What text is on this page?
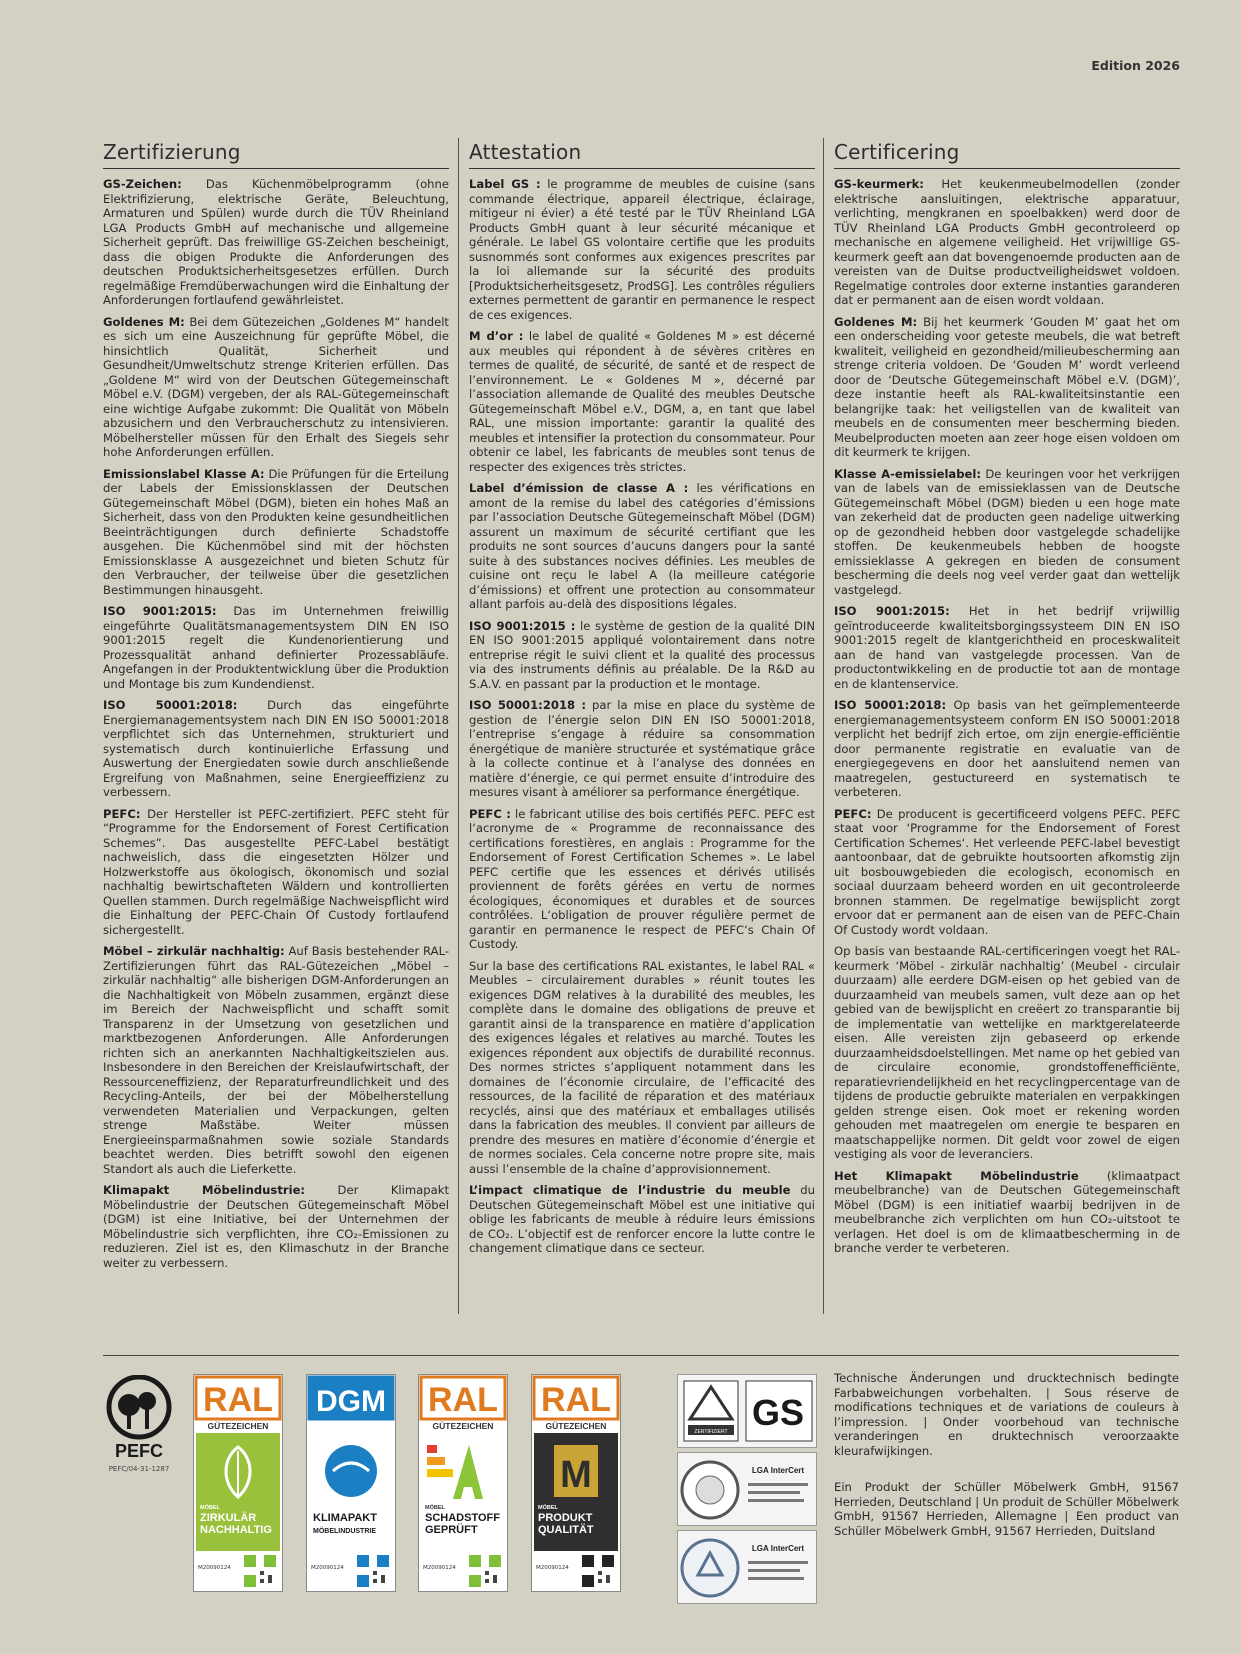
Edition 2026
Zertifizierung

GS-Zeichen: Das Küchenmöbelprogramm (ohne Elektrifizierung, elektrische Geräte, Beleuchtung, Armaturen und Spülen) wurde durch die TÜV Rheinland LGA Products GmbH auf mechanische und allgemeine Sicherheit geprüft. Das freiwillige GS-Zeichen bescheinigt, dass die obigen Produkte die Anforderungen des deutschen Produktsicherheitsgesetzes erfüllen. Durch regelmäßige Fremdüberwachungen wird die Einhaltung der Anforderungen fortlaufend gewährleistet.

Goldenes M: Bei dem Gütezeichen „Goldenes M“ handelt es sich um eine Auszeichnung für geprüfte Möbel, die hinsichtlich Qualität, Sicherheit und Gesundheit/Umweltschutz strenge Kriterien erfüllen. Das „Goldene M“ wird von der Deutschen Gütegemeinschaft Möbel e.V. (DGM) vergeben, der als RAL-Gütegemeinschaft eine wichtige Aufgabe zukommt: Die Qualität von Möbeln abzusichern und den Verbraucherschutz zu intensivieren. Möbelhersteller müssen für den Erhalt des Siegels sehr hohe Anforderungen erfüllen.

Emissionslabel Klasse A: Die Prüfungen für die Erteilung der Labels der Emissionsklassen der Deutschen Gütegemeinschaft Möbel (DGM), bieten ein hohes Maß an Sicherheit, dass von den Produkten keine gesundheitlichen Beeinträchtigungen durch definierte Schadstoffe ausgehen. Die Küchenmöbel sind mit der höchsten Emissionsklasse A ausgezeichnet und bieten Schutz für den Verbraucher, der teilweise über die gesetzlichen Bestimmungen hinausgeht.

ISO 9001:2015: Das im Unternehmen freiwillig eingeführte Qualitätsmanagementsystem DIN EN ISO 9001:2015 regelt die Kundenorientierung und Prozessqualität anhand definierter Prozessabläufe. Angefangen in der Produktentwicklung über die Produktion und Montage bis zum Kundendienst.

ISO 50001:2018: Durch das eingeführte Energiemanagementsystem nach DIN EN ISO 50001:2018 verpflichtet sich das Unternehmen, strukturiert und systematisch durch kontinuierliche Erfassung und Auswertung der Energiedaten sowie durch anschließende Ergreifung von Maßnahmen, seine Energieeffizienz zu verbessern.

PEFC: Der Hersteller ist PEFC-zertifiziert. PEFC steht für “Programme for the Endorsement of Forest Certification Schemes”. Das ausgestellte PEFC-Label bestätigt nachweislich, dass die eingesetzten Hölzer und Holzwerkstoffe aus ökologisch, ökonomisch und sozial nachhaltig bewirtschafteten Wäldern und kontrollierten Quellen stammen. Durch regelmäßige Nachweispflicht wird die Einhaltung der PEFC-Chain Of Custody fortlaufend sichergestellt.

Möbel – zirkulär nachhaltig: Auf Basis bestehender RAL-Zertifizierungen führt das RAL-Gütezeichen „Möbel – zirkulär nachhaltig“ alle bisherigen DGM-Anforderungen an die Nachhaltigkeit von Möbeln zusammen, ergänzt diese im Bereich der Nachweispflicht und schafft somit Transparenz in der Umsetzung von gesetzlichen und marktbezogenen Anforderungen. Alle Anforderungen richten sich an anerkannten Nachhaltigkeitszielen aus. Insbesondere in den Bereichen der Kreislaufwirtschaft, der Ressourceneffizienz, der Reparaturfreundlichkeit und des Recycling-Anteils, der bei der Möbelherstellung verwendeten Materialien und Verpackungen, gelten strenge Maßstäbe. Weiter müssen Energieeinsparmaßnahmen sowie soziale Standards beachtet werden. Dies betrifft sowohl den eigenen Standort als auch die Lieferkette.

Klimapakt Möbelindustrie: Der Klimapakt Möbelindustrie der Deutschen Gütegemeinschaft Möbel (DGM) ist eine Initiative, bei der Unternehmen der Möbelindustrie sich verpflichten, ihre CO₂-Emissionen zu reduzieren. Ziel ist es, den Klimaschutz in der Branche weiter zu verbessern.

Attestation

Label GS : le programme de meubles de cuisine (sans commande électrique, appareil électrique, éclairage, mitigeur ni évier) a été testé par le TÜV Rheinland LGA Products GmbH quant à leur sécurité mécanique et générale. Le label GS volontaire certifie que les produits susnommés sont conformes aux exigences prescrites par la loi allemande sur la sécurité des produits [Produktsicherheitsgesetz, ProdSG]. Les contrôles réguliers externes permettent de garantir en permanence le respect de ces exigences.

M d’or : le label de qualité « Goldenes M » est décerné aux meubles qui répondent à de sévères critères en termes de qualité, de sécurité, de santé et de respect de l’environnement. Le « Goldenes M », décerné par l’association allemande de Qualité des meubles Deutsche Gütegemeinschaft Möbel e.V., DGM, a, en tant que label RAL, une mission importante: garantir la qualité des meubles et intensifier la protection du consommateur. Pour obtenir ce label, les fabricants de meubles sont tenus de respecter des exigences très strictes.

Label d’émission de classe A : les vérifications en amont de la remise du label des catégories d’émissions par l’association Deutsche Gütegemeinschaft Möbel (DGM) assurent un maximum de sécurité certifiant que les produits ne sont sources d’aucuns dangers pour la santé suite à des substances nocives définies. Les meubles de cuisine ont reçu le label A (la meilleure catégorie d’émissions) et offrent une protection au consommateur allant parfois au-delà des dispositions légales.

ISO 9001:2015 : le système de gestion de la qualité DIN EN ISO 9001:2015 appliqué volontairement dans notre entreprise régit le suivi client et la qualité des processus via des instruments définis au préalable. De la R&D au S.A.V. en passant par la production et le montage.

ISO 50001:2018 : par la mise en place du système de gestion de l’énergie selon DIN EN ISO 50001:2018, l’entreprise s’engage à réduire sa consommation énergétique de manière structurée et systématique grâce à la collecte continue et à l’analyse des données en matière d’énergie, ce qui permet ensuite d’introduire des mesures visant à améliorer sa performance énergétique.

PEFC : le fabricant utilise des bois certifiés PEFC. PEFC est l‘acronyme de « Programme de reconnaissance des certifications forestières, en anglais : Programme for the Endorsement of Forest Certification Schemes ». Le label PEFC certifie que les essences et dérivés utilisés proviennent de forêts gérées en vertu de normes écologiques, économiques et durables et de sources contrôlées. L‘obligation de prouver régulière permet de garantir en permanence le respect de PEFC‘s Chain Of Custody.

Sur la base des certifications RAL existantes, le label RAL « Meubles – circulairement durables » réunit toutes les exigences DGM relatives à la durabilité des meubles, les complète dans le domaine des obligations de preuve et garantit ainsi de la transparence en matière d’application des exigences légales et relatives au marché. Toutes les exigences répondent aux objectifs de durabilité reconnus. Des normes strictes s’appliquent notamment dans les domaines de l’économie circulaire, de l’efficacité des ressources, de la facilité de réparation et des matériaux recyclés, ainsi que des matériaux et emballages utilisés dans la fabrication des meubles. Il convient par ailleurs de prendre des mesures en matière d’économie d’énergie et de normes sociales. Cela concerne notre propre site, mais aussi l’ensemble de la chaîne d’approvisionnement.

L’impact climatique de l’industrie du meuble du Deutschen Gütegemeinschaft Möbel est une initiative qui oblige les fabricants de meuble à réduire leurs émissions de CO₂. L’objectif est de renforcer encore la lutte contre le changement climatique dans ce secteur.

Certificering

GS-keurmerk: Het keukenmeubelmodellen (zonder elektrische aansluitingen, elektrische apparatuur, verlichting, mengkranen en spoelbakken) werd door de TÜV Rheinland LGA Products GmbH gecontroleerd op mechanische en algemene veiligheid. Het vrijwillige GS-keurmerk geeft aan dat bovengenoemde producten aan de vereisten van de Duitse productveiligheidswet voldoen. Regelmatige controles door externe instanties garanderen dat er permanent aan de eisen wordt voldaan.

Goldenes M: Bij het keurmerk ‘Gouden M’ gaat het om een onderscheiding voor geteste meubels, die wat betreft kwaliteit, veiligheid en gezondheid/milieubescherming aan strenge criteria voldoen. De ‘Gouden M’ wordt verleend door de ‘Deutsche Gütegemeinschaft Möbel e.V. (DGM)’, deze instantie heeft als RAL-kwaliteitsinstantie een belangrijke taak: het veiligstellen van de kwaliteit van meubels en de consumenten meer bescherming bieden. Meubelproducten moeten aan zeer hoge eisen voldoen om dit keurmerk te krijgen.

Klasse A-emissielabel: De keuringen voor het verkrijgen van de labels van de emissieklassen van de Deutsche Gütegemeinschaft Möbel (DGM) bieden u een hoge mate van zekerheid dat de producten geen nadelige uitwerking op de gezondheid hebben door vastgelegde schadelijke stoffen. De keukenmeubels hebben de hoogste emissieklasse A gekregen en bieden de consument bescherming die deels nog veel verder gaat dan wettelijk vastgelegd.

ISO 9001:2015: Het in het bedrijf vrijwillig geïntroduceerde kwaliteitsborgingssysteem DIN EN ISO 9001:2015 regelt de klantgerichtheid en proceskwaliteit aan de hand van vastgelegde processen. Van de productontwikkeling en de productie tot aan de montage en de klantenservice.

ISO 50001:2018: Op basis van het geïmplementeerde energiemanagementsysteem conform EN ISO 50001:2018 verplicht het bedrijf zich ertoe, om zijn energie-efficiëntie door permanente registratie en evaluatie van de energiegegevens en door het aansluitend nemen van maatregelen, gestuctureerd en systematisch te verbeteren.

PEFC: De producent is gecertificeerd volgens PEFC. PEFC staat voor ‘Programme for the Endorsement of Forest Certification Schemes‘. Het verleende PEFC-label bevestigt aantoonbaar, dat de gebruikte houtsoorten afkomstig zijn uit bosbouwgebieden die ecologisch, economisch en sociaal duurzaam beheerd worden en uit gecontroleerde bronnen stammen. De regelmatige bewijsplicht zorgt ervoor dat er permanent aan de eisen van de PEFC-Chain Of Custody wordt voldaan.

Op basis van bestaande RAL-certificeringen voegt het RAL-keurmerk ‘Möbel - zirkulär nachhaltig’ (Meubel - circulair duurzaam) alle eerdere DGM-eisen op het gebied van de duurzaamheid van meubels samen, vult deze aan op het gebied van de bewijsplicht en creëert zo transparantie bij de implementatie van wettelijke en marktgerelateerde eisen. Alle vereisten zijn gebaseerd op erkende duurzaamheidsdoelstellingen. Met name op het gebied van de circulaire economie, grondstoffenefficiënte, reparatievriendelijkheid en het recyclingpercentage van de tijdens de productie gebruikte materialen en verpakkingen gelden strenge eisen. Ook moet er rekening worden gehouden met maatregelen om energie te besparen en maatschappelijke normen. Dit geldt voor zowel de eigen vestiging als voor de leveranciers.

Het Klimapakt Möbelindustrie (klimaatpact meubelbranche) van de Deutschen Gütegemeinschaft Möbel (DGM) is een initiatief waarbij bedrijven in de meubelbranche zich verplichten om hun CO₂-uitstoot te verlagen. Het doel is om de klimaatbescherming in de branche verder te verbeteren.

PEFC
PEFC/04-31-1287
ZERTIFIZIERT GS
LGA InterCert
LGA InterCert
RAL
GÜTEZEICHEN
MÖBEL
ZIRKULÄR
NACHHALTIG
M20090124
DGM
KLIMAPAKT
MÖBELINDUSTRIE
M20090124
RAL
GÜTEZEICHEN
MÖBEL
SCHADSTOFF
GEPRÜFT
M20090124
RAL
GÜTEZEICHEN
M
MÖBEL
PRODUKT
QUALITÄT
M20090124

Technische Änderungen und drucktechnisch bedingte Farbabweichungen vorbehalten. | Sous réserve de modifications techniques et de variations de couleurs à l’impression. | Onder voorbehoud van technische veranderingen en druktechnisch veroorzaakte kleurafwijkingen.

Ein Produkt der Schüller Möbelwerk GmbH, 91567 Herrieden, Deutschland | Un produit de Schüller Möbelwerk GmbH, 91567 Herrieden, Allemagne | Een product van Schüller Möbelwerk GmbH, 91567 Herrieden, Duitsland
